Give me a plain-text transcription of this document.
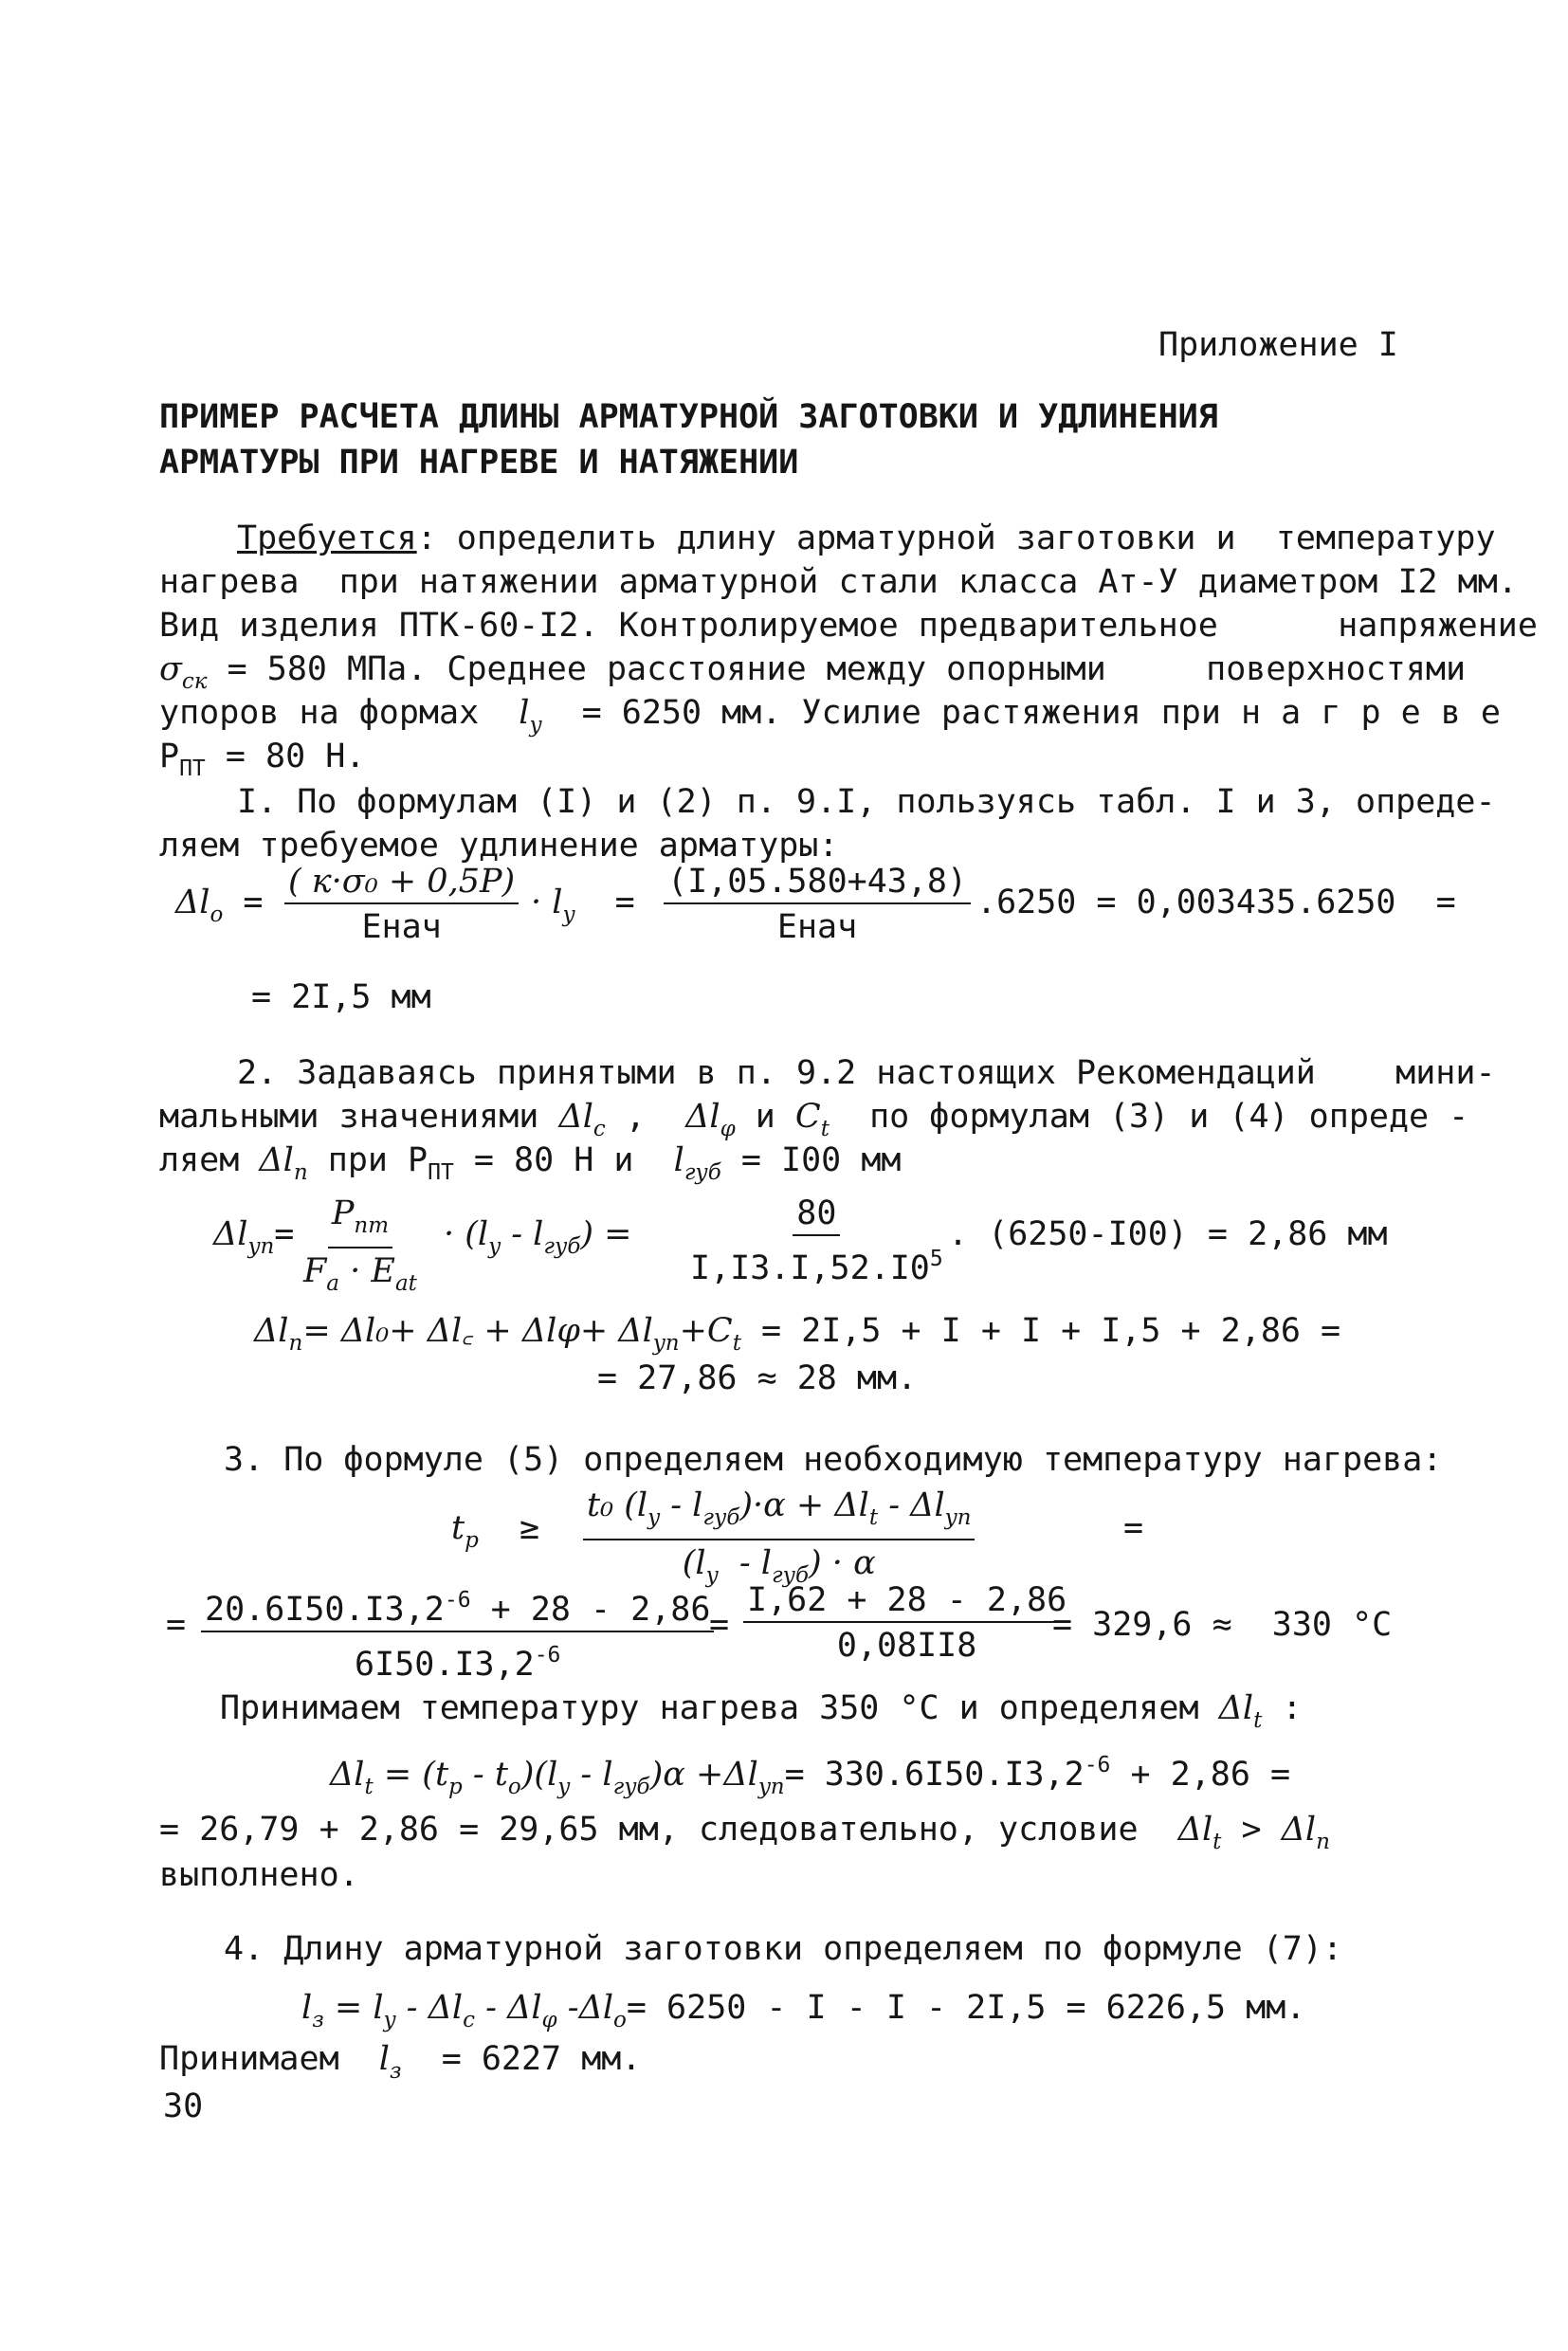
Приложение I
ПРИМЕР РАСЧЕТА ДЛИНЫ АРМАТУРНОЙ ЗАГОТОВКИ И УДЛИНЕНИЯ
АРМАТУРЫ ПРИ НАГРЕВЕ И НАТЯЖЕНИИ
Требуется: определить длину арматурной заготовки и  температуру
нагрева  при натяжении арматурной стали класса Ат-У диаметром I2 мм.
Вид изделия ПТК-60-I2. Контролируемое предварительное      напряжение
$\sigma_{ск} = 580$ МПа. Среднее расстояние между опорными     поверхностями
упоров на формах  $l_y = 6250$ мм. Усилие растяжения при н а г р е в е
$P_{ПТ} = 80$ Н.
I. По формулам (I) и (2) п. 9.I, пользуясь табл. I и 3, опреде-
ляем требуемое удлинение арматуры:
$\Delta l_o$ =
( к·σ₀ + 0,5P)
Eнач
· $l_y$  =
(I,05.580+43,8)
Eнач
.6250 = 0,003435.6250  =
= 2I,5 мм
2. Задаваясь принятыми в п. 9.2 настоящих Рекомендаций    мини-
мальными значениями $\Delta l_c$ ,  $\Delta l_\varphi$ и $C_t$  по формулам (3) и (4) опреде -
ляем $\Delta l_n$ при $P_{ПТ} = 80$ Н и  $l_{губ} = I00$ мм
$\Delta l_{yn}=$
$P_{пт}$
$F_a \cdot E_{at}$
· $(l_y - l_{губ}) = \frac{80}{I,I3.I,52.I0^5}$ . (6250-I00) = 2,86 мм
$\Delta l_n= \Delta l_0+$ Δl꜀ + $\Delta l\varphi+ \Delta l_{yn}+C_t = 2I,5 + I + I + I,5 + 2,86$ =
= 27,86 ≈ 28 мм.
3. По формуле (5) определяем необходимую температуру нагрева:
$t_p$ ≥
t₀ $(l_y - l_{губ})\cdot\alpha + \Delta l_t - \Delta l_{yn}$
$(l_y - l_{губ}) \cdot \alpha$
=
= $\frac{20.6I50.I3,2^{-6} + 28 - 2,86}{6I50.I3,2^{-6}}$
= $\frac{I,62 + 28 - 2,86}{0,08II8}$
= 329,6 ≈  330 °С
Принимаем температуру нагрева 350 °С и определяем $\Delta l_t$ :
$\Delta l_t = (t_p - t_o)(l_y - l_{губ})\alpha +\Delta l_{yn}= 330.6I50.I3,2^{-6} + 2,86$ =
= 26,79 + 2,86 = 29,65 мм, следовательно, условие  $\Delta l_t > \Delta l_n$
выполнено.
4. Длину арматурной заготовки определяем по формуле (7):
$l_з = l_y - \Delta l_c - \Delta l_\varphi$ $-\Delta l_o= 6250 - I - I - 2I,5 = 6226,5$ мм.
Принимаем  $l_з = 6227$ мм.
30
